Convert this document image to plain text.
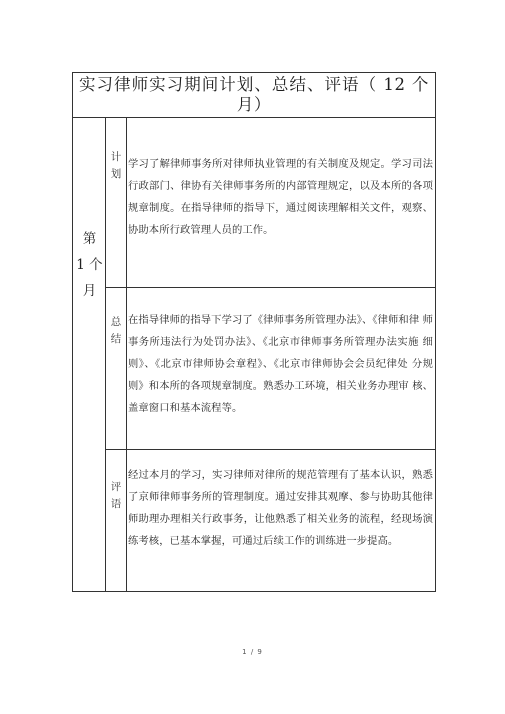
实习律师实习期间计划、总结、评语（ 12 个月）
第
1 个
月
计
划
总
结
评
语
学习了解律师事务所对律师执业管理的有关制度及规定。学习司法 行政部门、律协有关律师事务所的内部管理规定，以及本所的各项 规章制度。在指导律师的指导下，通过阅读理解相关文件，观察、 协助本所行政管理人员的工作。
在指导律师的指导下学习了《律师事务所管理办法》、《律师和律 师事务所违法行为处罚办法》、《北京市律师事务所管理办法实施 细则》、《北京市律师协会章程》、《北京市律师协会会员纪律处 分规则》和本所的各项规章制度。熟悉办工环境，相关业务办理审 核、盖章窗口和基本流程等。
经过本月的学习，实习律师对律所的规范管理有了基本认识，熟悉 了京师律师事务所的管理制度。通过安排其观摩、参与协助其他律 师助理办理相关行政事务，让他熟悉了相关业务的流程，经现场演 练考核，已基本掌握，可通过后续工作的训练进一步提高。
1 / 9
